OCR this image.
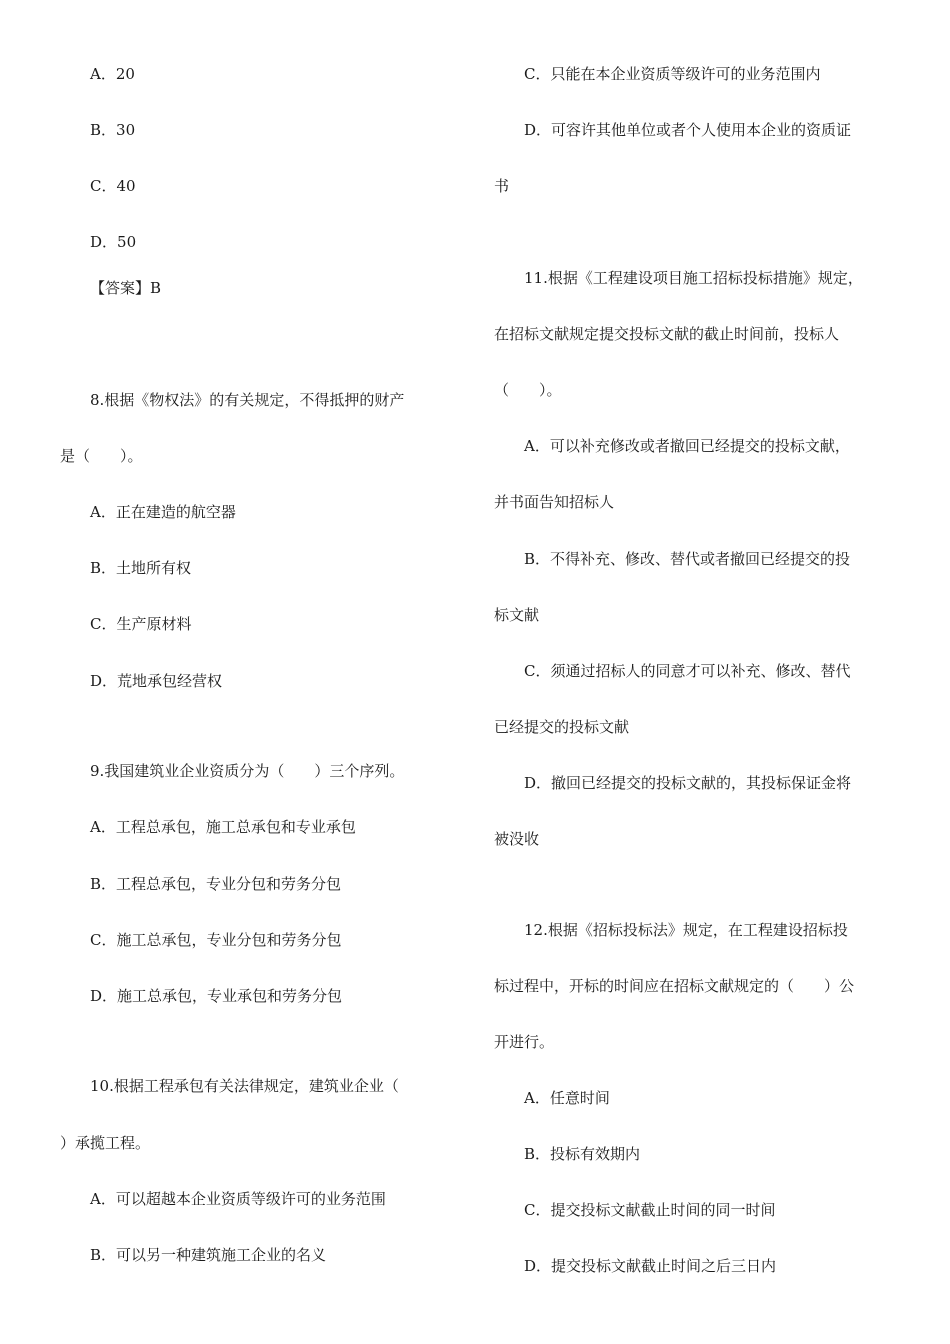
A．20
B．30
C．40
D．50
【答案】B
8.根据《物权法》的有关规定，不得抵押的财产
是（　　）。
A．正在建造的航空器
B．土地所有权
C．生产原材料
D．荒地承包经营权
9.我国建筑业企业资质分为（　　）三个序列。
A．工程总承包，施工总承包和专业承包
B．工程总承包，专业分包和劳务分包
C．施工总承包，专业分包和劳务分包
D．施工总承包，专业承包和劳务分包
10.根据工程承包有关法律规定，建筑业企业（
）承揽工程。
A．可以超越本企业资质等级许可的业务范围
B．可以另一种建筑施工企业的名义
C．只能在本企业资质等级许可的业务范围内
D．可容许其他单位或者个人使用本企业的资质证
书
11.根据《工程建设项目施工招标投标措施》规定，
在招标文献规定提交投标文献的截止时间前，投标人
（　　）。
A．可以补充修改或者撤回已经提交的投标文献，
并书面告知招标人
B．不得补充、修改、替代或者撤回已经提交的投
标文献
C．须通过招标人的同意才可以补充、修改、替代
已经提交的投标文献
D．撤回已经提交的投标文献的，其投标保证金将
被没收
12.根据《招标投标法》规定，在工程建设招标投
标过程中，开标的时间应在招标文献规定的（　　）公
开进行。
A．任意时间
B．投标有效期内
C．提交投标文献截止时间的同一时间
D．提交投标文献截止时间之后三日内
